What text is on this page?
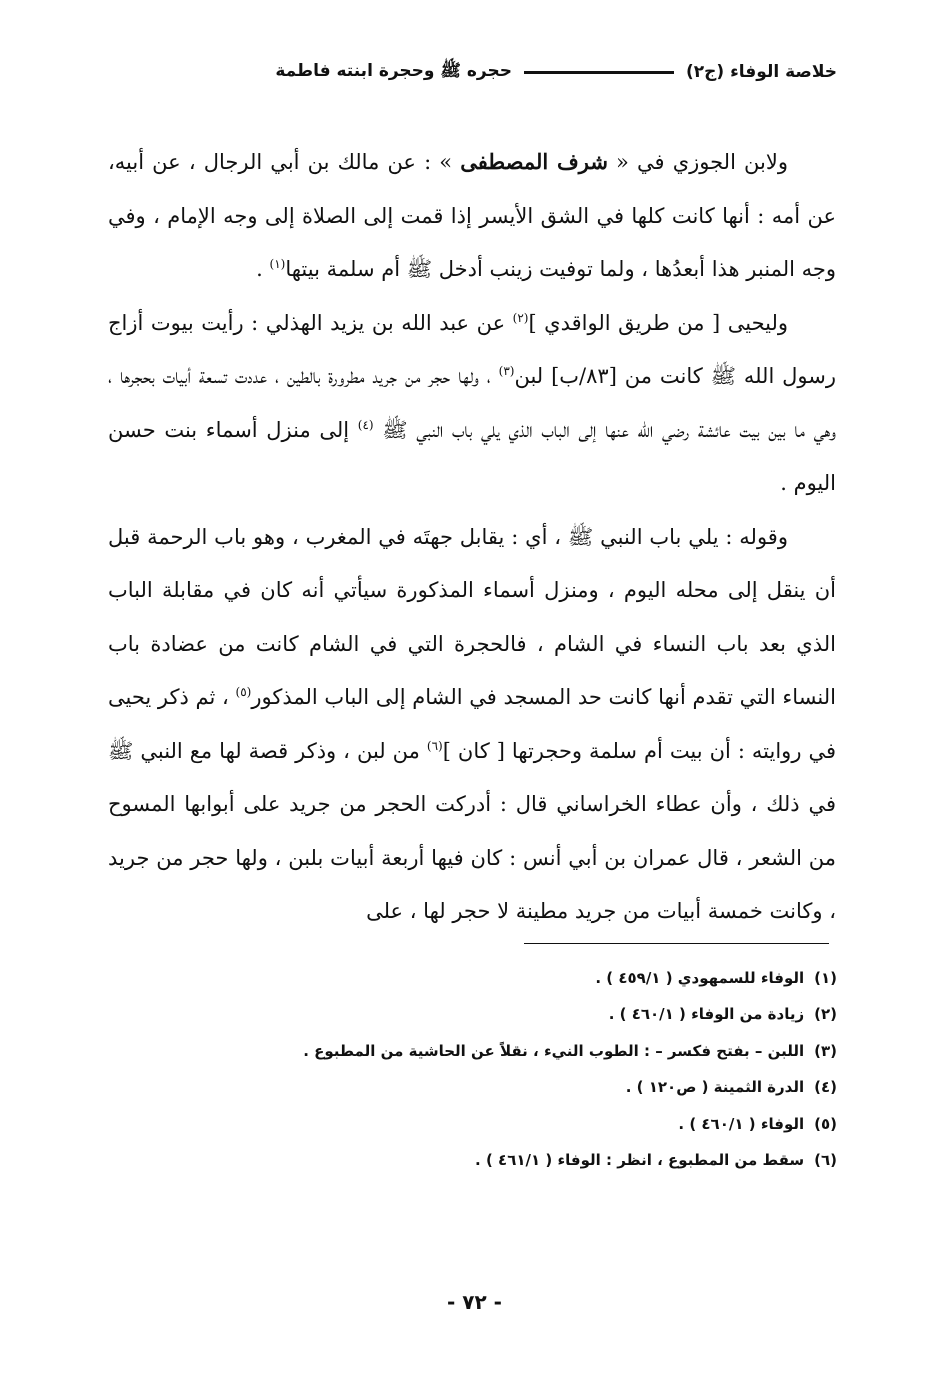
خلاصة الوفاء (ج٢)
حجره ﷺ وحجرة ابنته فاطمة

ولابن الجوزي في « شرف المصطفى » : عن مالك بن أبي الرجال ، عن أبيه، عن أمه : أنها كانت كلها في الشق الأيسر إذا قمت إلى الصلاة إلى وجه الإمام ، وفي وجه المنبر هذا أبعدُها ، ولما توفيت زينب أدخل ﷺ أم سلمة بيتها$^{(١)}$ .

وليحيى [ من طريق الواقدي ]$^{(٢)}$ عن عبد الله بن يزيد الهذلي : رأيت بيوت أزاج رسول الله ﷺ كانت من [٨٣/ب] لبن$^{(٣)}$ ، ولها حجر من جريد مطرورة بالطين ، عددت تسعة أبيات بحجرها ، وهي ما بين بيت عائشة رضي الله عنها إلى الباب الذي يلي باب النبي ﷺ $^{(٤)}$ إلى منزل أسماء بنت حسن اليوم .

وقوله : يلي باب النبي ﷺ ، أي : يقابل جهتَه في المغرب ، وهو باب الرحمة قبل أن ينقل إلى محله اليوم ، ومنزل أسماء المذكورة سيأتي أنه كان في مقابلة الباب الذي بعد باب النساء في الشام ، فالحجرة التي في الشام كانت من عضادة باب النساء التي تقدم أنها كانت حد المسجد في الشام إلى الباب المذكور$^{(٥)}$ ، ثم ذكر يحيى في روايته : أن بيت أم سلمة وحجرتها [ كان ]$^{(٦)}$ من لبن ، وذكر قصة لها مع النبي ﷺ في ذلك ، وأن عطاء الخراساني قال : أدركت الحجر من جريد على أبوابها المسوح من الشعر ، قال عمران بن أبي أنس : كان فيها أربعة أبيات بلبن ، ولها حجر من جريد ، وكانت خمسة أبيات من جريد مطينة لا حجر لها ، على

(١)الوفاء للسمهودي ( ٤٥٩/١ ) .
(٢)زيادة من الوفاء ( ٤٦٠/١ ) .
(٣)اللبن – بفتح فكسر – : الطوب النيء ، نقلاً عن الحاشية من المطبوع .
(٤)الدرة الثمينة ( ص١٢٠ ) .
(٥)الوفاء ( ٤٦٠/١ ) .
(٦)سقط من المطبوع ، انظر : الوفاء ( ٤٦١/١ ) .
- ٧٢ -
